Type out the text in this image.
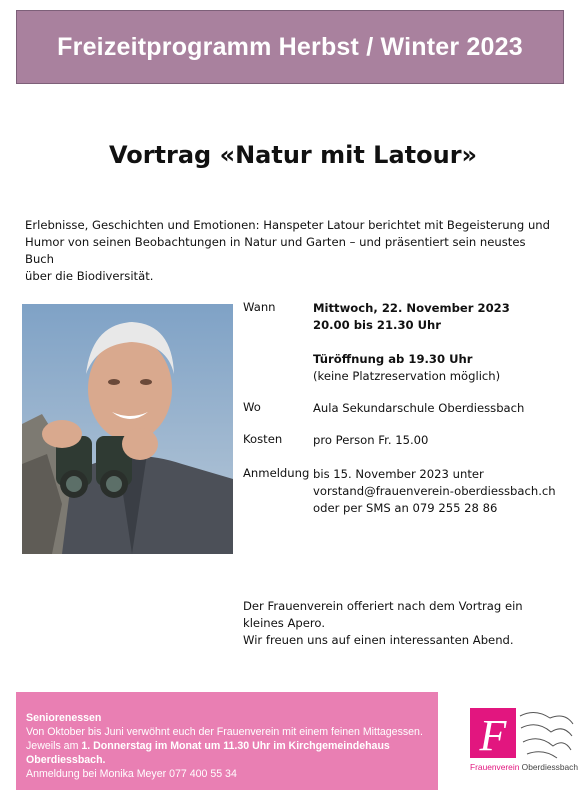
Freizeitprogramm Herbst / Winter 2023
Vortrag «Natur mit Latour»
Erlebnisse, Geschichten und Emotionen: Hanspeter Latour berichtet mit Begeisterung und
Humor von seinen Beobachtungen in Natur und Garten – und präsentiert sein neustes Buch
über die Biodiversität.
Wann	Mittwoch, 22. November 2023
20.00 bis 21.30 Uhr
Türöffnung ab 19.30 Uhr
(keine Platzreservation möglich)
Wo	Aula Sekundarschule Oberdiessbach
Kosten	pro Person Fr. 15.00
Anmeldung bis 15. November 2023 unter
vorstand@frauenverein-oberdiessbach.ch
oder per SMS an 079 255 28 86
Der Frauenverein offeriert nach dem Vortrag ein
kleines Apero.
Wir freuen uns auf einen interessanten Abend.
Seniorenessen
Von Oktober bis Juni verwöhnt euch der Frauenverein mit einem feinen Mittagessen.
Jeweils am 1. Donnerstag im Monat um 11.30 Uhr im Kirchgemeindehaus
Oberdiessbach.
Anmeldung bei Monika Meyer 077 400 55 34
F
Frauenverein Oberdiessbach
